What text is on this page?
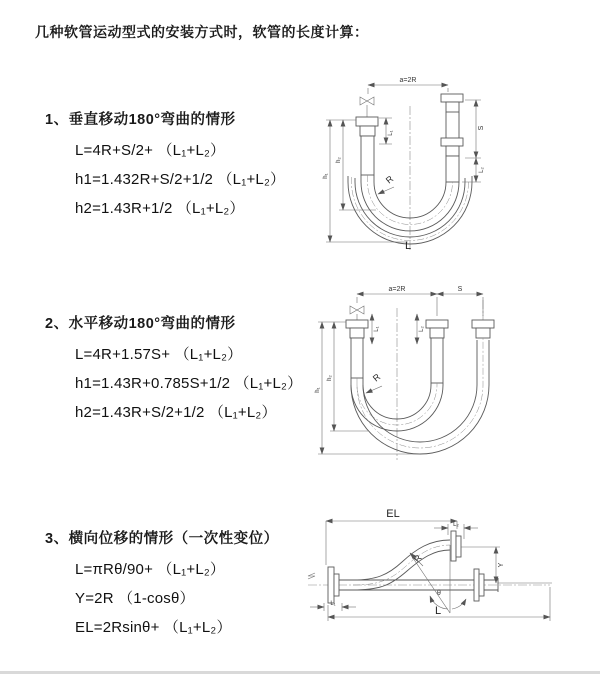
几种软管运动型式的安装方式时，软管的长度计算：
1、垂直移动180°弯曲的情形
L=4R+S/2+ （L₁+L₂）
h1=1.432R+S/2+1/2 （L₁+L₂）
h2=1.43R+1/2 （L₁+L₂）
a=2R
L₁
S
L₂
h₁
h₂
R
L
2、水平移动180°弯曲的情形
L=4R+1.57S+ （L₁+L₂）
h1=1.43R+0.785S+1/2 （L₁+L₂）
h2=1.43R+S/2+1/2 （L₁+L₂）
a=2R	S
L₁	L₂
h₁
h₂	R
3、横向位移的情形（一次性变位）
L=πRθ/90+ （L₁+L₂）
Y=2R （1-cosθ）
EL=2Rsinθ+ （L₁+L₂）
EL
L₂
Y
L
L₁
θ
R
